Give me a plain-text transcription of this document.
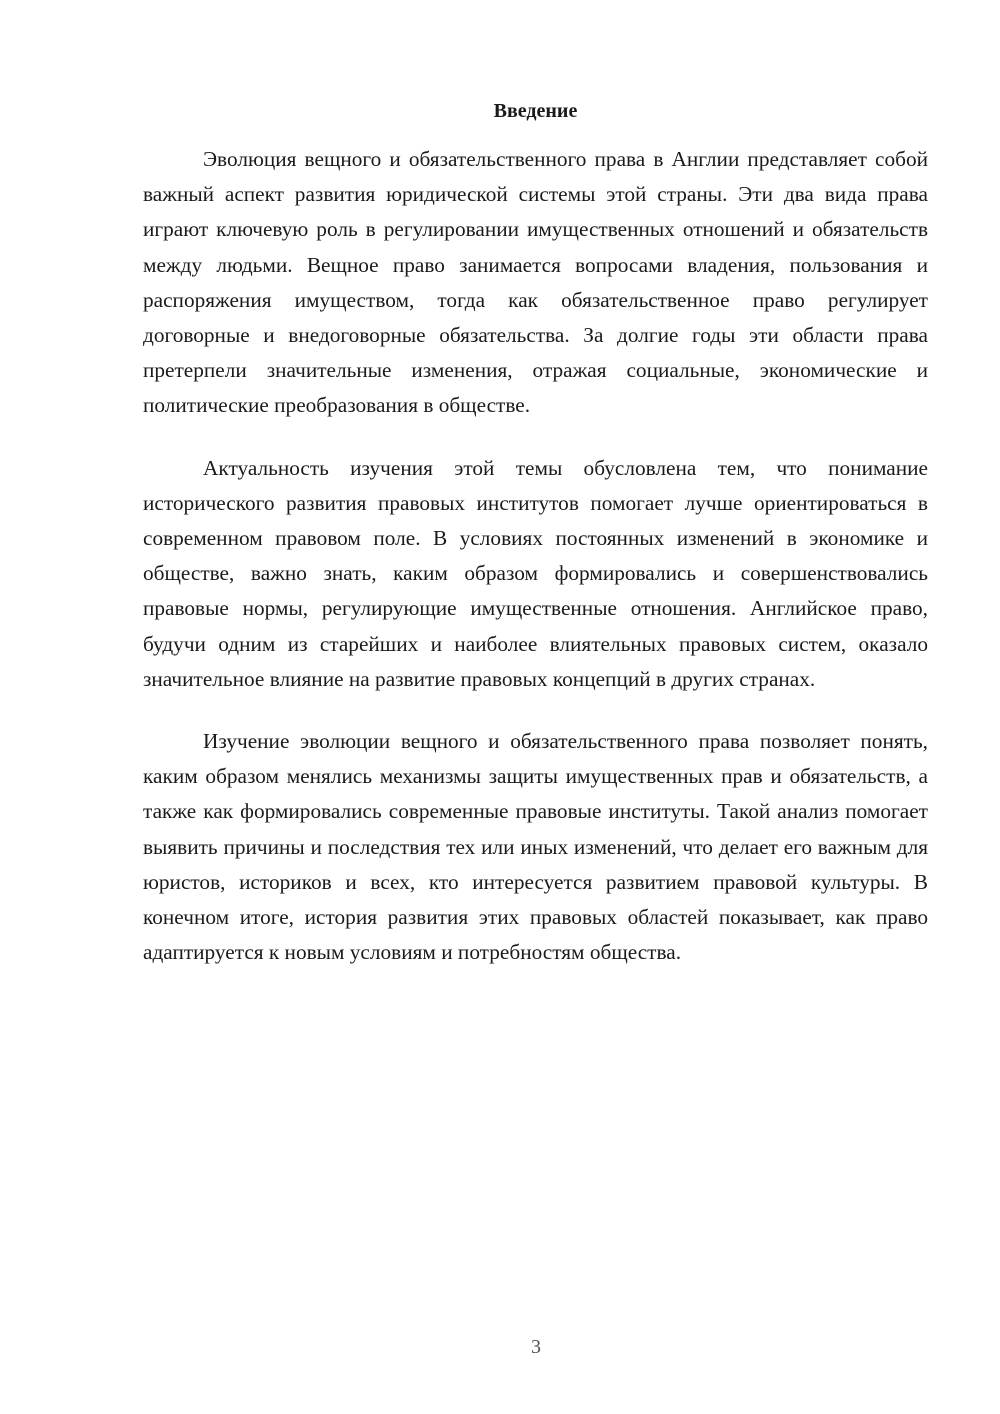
Введение

Эволюция вещного и обязательственного права в Англии представляет собой важный аспект развития юридической системы этой страны. Эти два вида права играют ключевую роль в регулировании имущественных отношений и обязательств между людьми. Вещное право занимается вопросами владения, пользования и распоряжения имуществом, тогда как обязательственное право регулирует договорные и внедоговорные обязательства. За долгие годы эти области права претерпели значительные изменения, отражая социальные, экономические и политические преобразования в обществе.

Актуальность изучения этой темы обусловлена тем, что понимание исторического развития правовых институтов помогает лучше ориентироваться в современном правовом поле. В условиях постоянных изменений в экономике и обществе, важно знать, каким образом формировались и совершенствовались правовые нормы, регулирующие имущественные отношения. Английское право, будучи одним из старейших и наиболее влиятельных правовых систем, оказало значительное влияние на развитие правовых концепций в других странах.

Изучение эволюции вещного и обязательственного права позволяет понять, каким образом менялись механизмы защиты имущественных прав и обязательств, а также как формировались современные правовые институты. Такой анализ помогает выявить причины и последствия тех или иных изменений, что делает его важным для юристов, историков и всех, кто интересуется развитием правовой культуры. В конечном итоге, история развития этих правовых областей показывает, как право адаптируется к новым условиям и потребностям общества.

3
